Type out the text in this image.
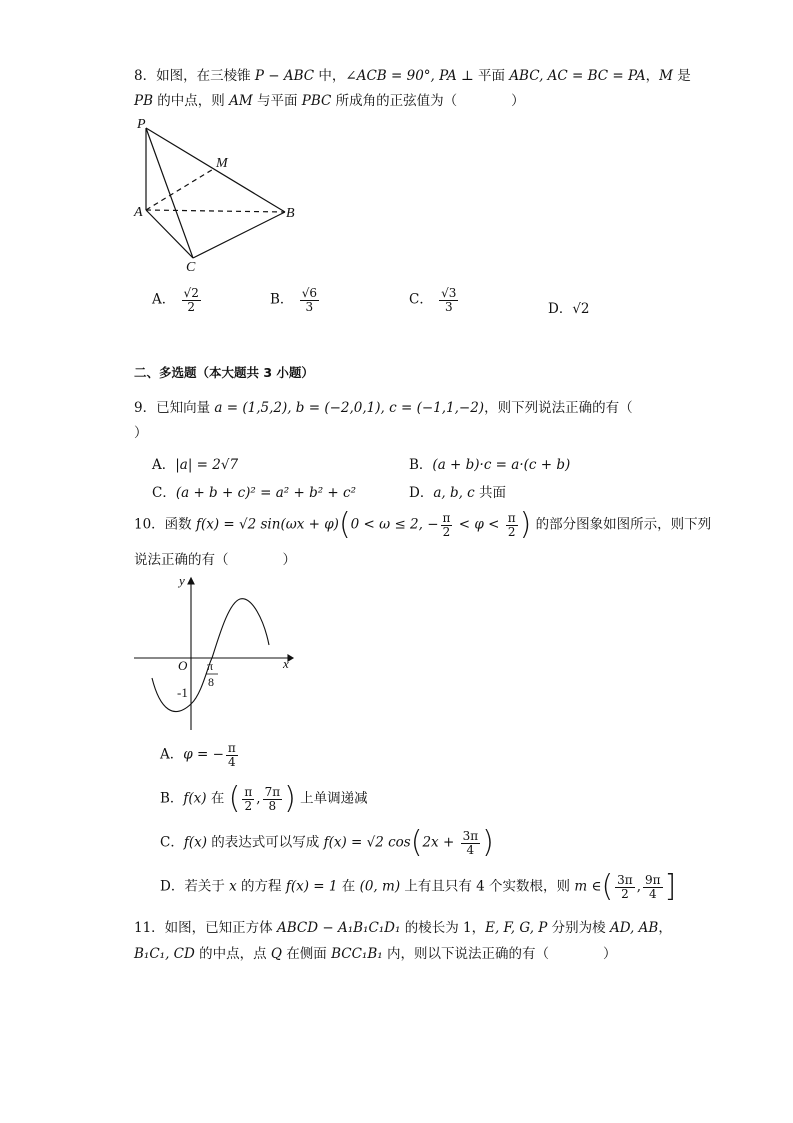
8．如图，在三棱锥 P − ABC 中，∠ACB = 90°, PA ⊥ 平面 ABC, AC = BC = PA，M 是
PB 的中点，则 AM 与平面 PBC 所成角的正弦值为（　　　　）
P
M
A	B
C
A． $\frac{√2}{2}$	B． $\frac{√6}{3}$	C． $\frac{√3}{3}$	D．√2
二、多选题（本大题共 3 小题）
9．已知向量 a = (1,5,2), b = (−2,0,1), c = (−1,1,−2)，则下列说法正确的有（
）
A．|a| = 2√7	B．(a + b)·c = a·(c + b)
C．(a + b + c)² = a² + b² + c²	D．a, b, c 共面
10．函数 f(x) = √2 sin(ωx + φ)(0 < ω ≤ 2, − $\frac{\pi}{2} < \varphi < \frac{\pi}{2}$ ) 的部分图象如图所示，则下列
说法正确的有（　　　　）
y
x
O
-1
π
8
A．φ = − $\frac{\pi}{4}$
B．f(x) 在 ( $\frac{\pi}{2}$ , $\frac{7\pi}{8}$ ) 上单调递减
C．f(x) 的表达式可以写成 f(x) = √2 $\cos(2x + \frac{3\pi}{4}$ )
D．若关于 x 的方程 f(x) = 1 在 (0, m) 上有且只有 4 个实数根，则 m ∈( $\frac{3\pi}{2}$ , $\frac{9\pi}{4}$ ]
11．如图，已知正方体 ABCD − A₁B₁C₁D₁ 的棱长为 1，E, F, G, P 分别为棱 AD, AB，
B₁C₁, CD 的中点，点 Q 在侧面 BCC₁B₁ 内，则以下说法正确的有（　　　　）
